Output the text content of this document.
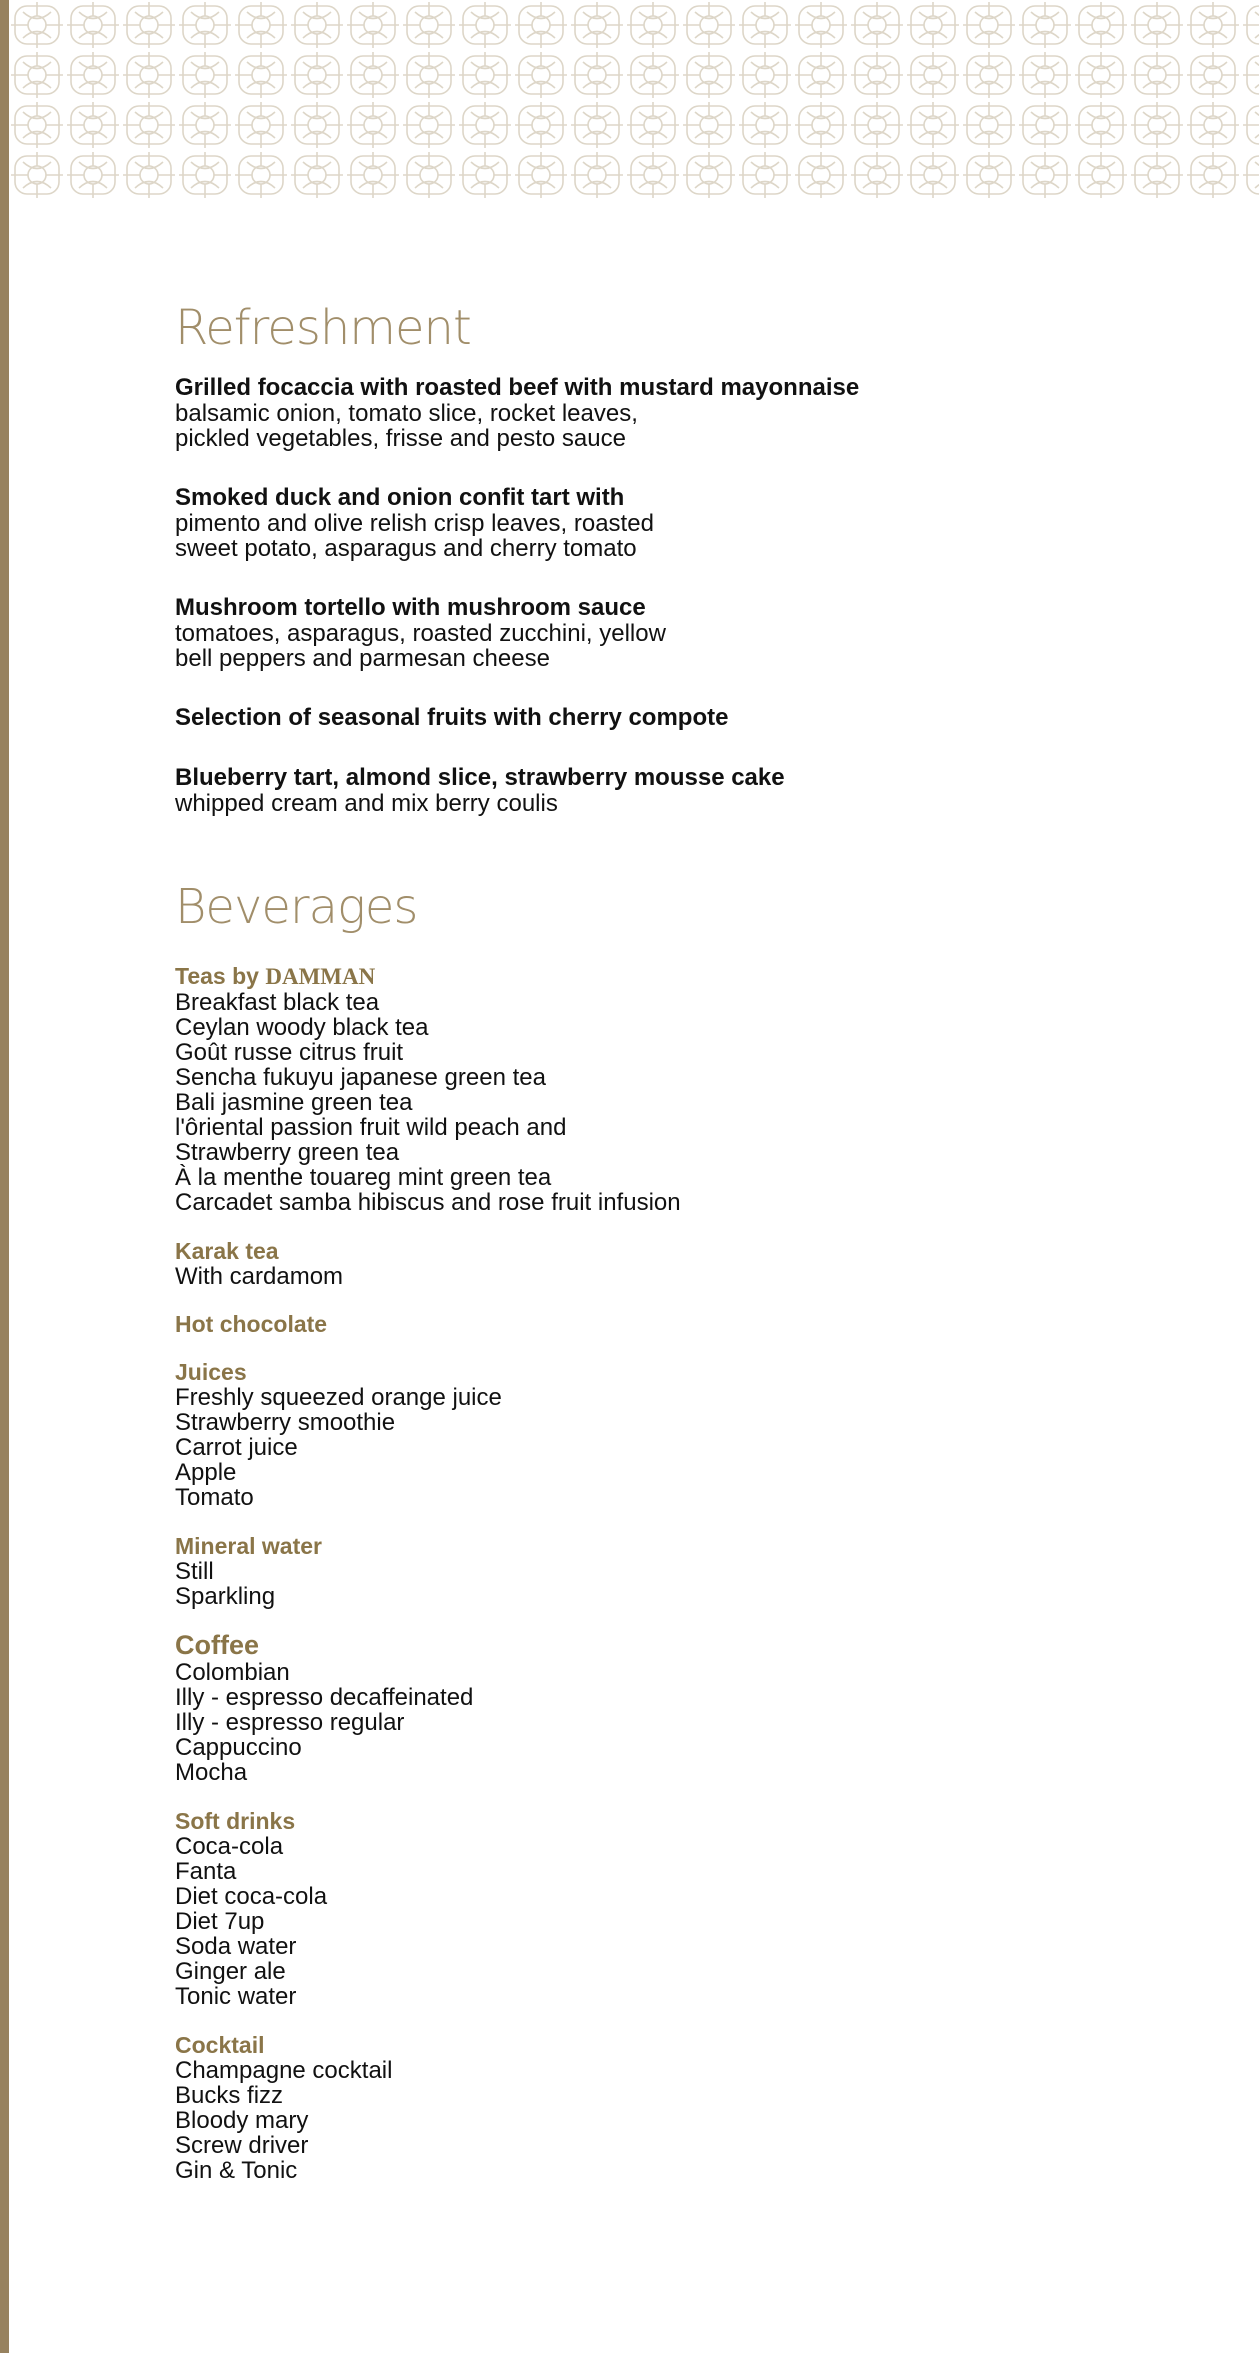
Refreshment
Grilled focaccia with roasted beef with mustard mayonnaise
balsamic onion, tomato slice, rocket leaves,
pickled vegetables, frisse and pesto sauce
Smoked duck and onion confit tart with
pimento and olive relish crisp leaves, roasted
sweet potato, asparagus and cherry tomato
Mushroom tortello with mushroom sauce
tomatoes, asparagus, roasted zucchini, yellow
bell peppers and parmesan cheese
Selection of seasonal fruits with cherry compote
Blueberry tart, almond slice, strawberry mousse cake
whipped cream and mix berry coulis
Beverages
Teas by DAMMAN
Breakfast black tea
Ceylan woody black tea
Goût russe citrus fruit
Sencha fukuyu japanese green tea
Bali jasmine green tea
l'ôriental passion fruit wild peach and
Strawberry green tea
À la menthe touareg mint green tea
Carcadet samba hibiscus and rose fruit infusion
Karak tea
With cardamom
Hot chocolate
Juices
Freshly squeezed orange juice
Strawberry smoothie
Carrot juice
Apple
Tomato
Mineral water
Still
Sparkling
Coffee
Colombian
Illy - espresso decaffeinated
Illy - espresso regular
Cappuccino
Mocha
Soft drinks
Coca-cola
Fanta
Diet coca-cola
Diet 7up
Soda water
Ginger ale
Tonic water
Cocktail
Champagne cocktail
Bucks fizz
Bloody mary
Screw driver
Gin & Tonic
